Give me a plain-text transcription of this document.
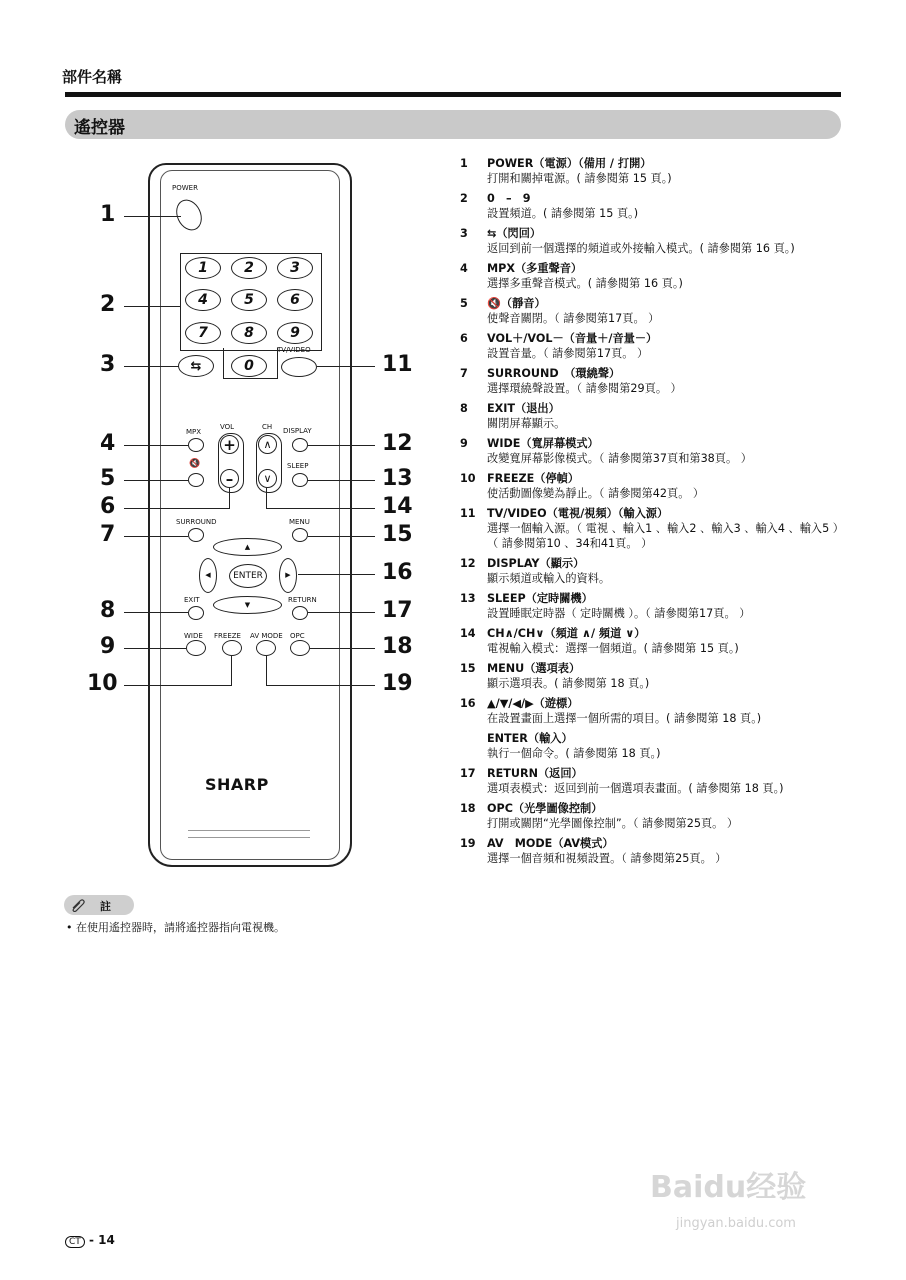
部件名稱
遙控器
POWER
1	2	3
4	5	6
7	8	9
0
⇆
TV/VIDEO
MPX
🔇
VOL
+
–
CH
∧
∨
DISPLAY
SLEEP
SURROUND	MENU
▲
▼
◀	▶
ENTER
EXIT	RETURN
WIDE FREEZE AV MODE OPC
SHARP
1
2
3
4
5
6
7
8
9
10
11
12
13
14
15
16
17
18
19
1	POWER（電源）（備用 / 打開）
打開和關掉電源。( 請參閱第 15 頁。)
2	0　–　9
設置頻道。( 請參閱第 15 頁。)
3	⇆（閃回）
返回到前一個選擇的頻道或外接輸入模式。( 請參閱第 16 頁。)
4	MPX（多重聲音）
選擇多重聲音模式。( 請參閱第 16 頁。)
5	🔇（靜音）
使聲音關閉。（ 請參閱第17頁。 ）
6	VOL＋/VOL－（音量＋/音量－）
設置音量。（ 請參閱第17頁。 ）
7	SURROUND　（環繞聲）
選擇環繞聲設置。（ 請參閱第29頁。 ）
8	EXIT（退出）
關閉屏幕顯示。
9	WIDE（寬屏幕模式）
改變寬屏幕影像模式。（ 請參閱第37頁和第38頁。 ）
10	FREEZE（停幀）
使活動圖像變為靜止。（ 請參閱第42頁。 ）
11	TV/VIDEO（電視/視頻）（輸入源）
選擇一個輸入源。（ 電視 、輸入1 、輸入2 、輸入3 、輸入4 、輸入5 ）（ 請參閱第10 、34和41頁。 ）
12	DISPLAY（顯示）
顯示頻道或輸入的資料。
13	SLEEP（定時關機）
設置睡眠定時器（ 定時關機 ）。（ 請參閱第17頁。 ）
14	CH∧/CH∨（頻道 ∧/ 頻道 ∨）
電視輸入模式：選擇一個頻道。( 請參閱第 15 頁。)
15	MENU（選項表）
顯示選項表。( 請參閱第 18 頁。)
16	▲/▼/◀/▶（遊標）
在設置畫面上選擇一個所需的項目。( 請參閱第 18 頁。)
ENTER（輸入）
執行一個命令。( 請參閱第 18 頁。)
17	RETURN（返回）
選項表模式：返回到前一個選項表畫面。( 請參閱第 18 頁。)
18	OPC（光學圖像控制）
打開或關閉“光學圖像控制”。（ 請參閱第25頁。 ）
19	AV　MODE（AV模式）
選擇一個音頻和視頻設置。（ 請參閱第25頁。 ）
註
• 在使用遙控器時，請將遙控器指向電視機。
CT - 14
Baidu经验
jingyan.baidu.com
